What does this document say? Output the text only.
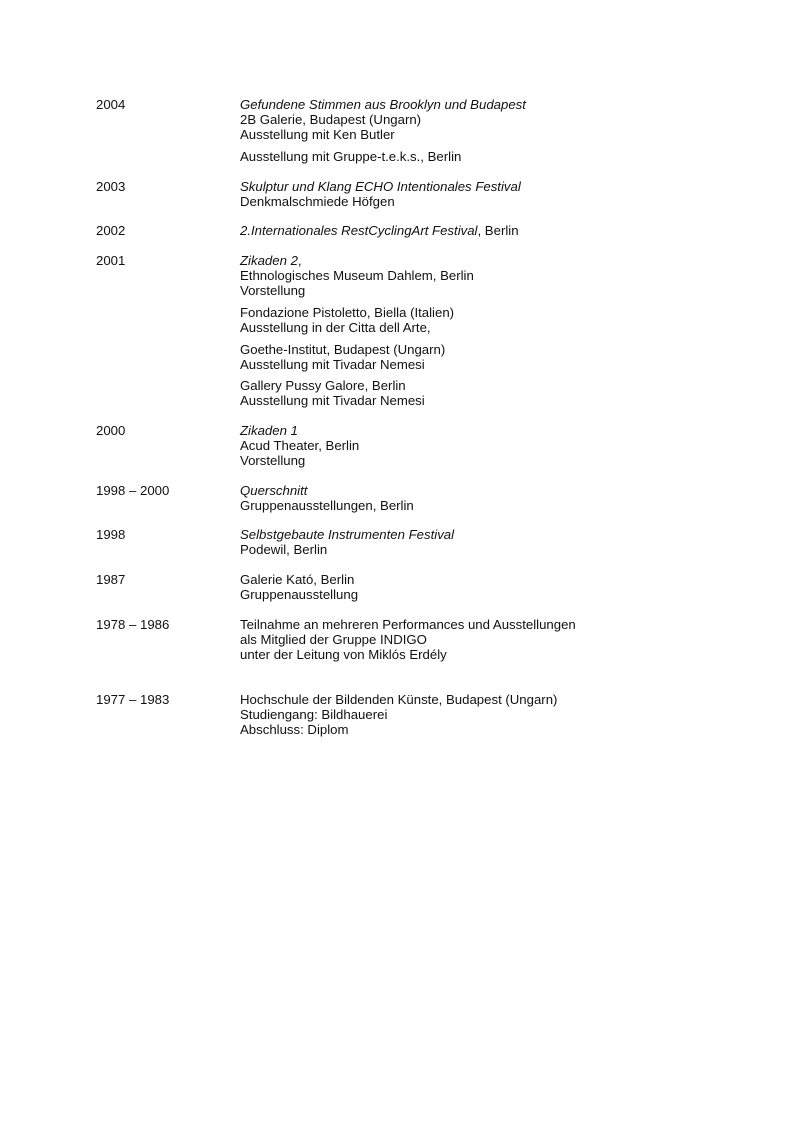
2004	Gefundene Stimmen aus Brooklyn und Budapest
2B Galerie, Budapest (Ungarn)
Ausstellung mit Ken Butler
Ausstellung mit Gruppe-t.e.k.s., Berlin
2003	Skulptur und Klang ECHO Intentionales Festival
Denkmalschmiede Höfgen
2002	2.Internationales RestCyclingArt Festival, Berlin
2001	Zikaden 2,
Ethnologisches Museum Dahlem, Berlin
Vorstellung
Fondazione Pistoletto, Biella (Italien)
Ausstellung in der Citta dell Arte,
Goethe-Institut, Budapest (Ungarn)
Ausstellung mit Tivadar Nemesi
Gallery Pussy Galore, Berlin
Ausstellung mit Tivadar Nemesi
2000	Zikaden 1
Acud Theater, Berlin
Vorstellung
1998 – 2000	Querschnitt
Gruppenausstellungen, Berlin
1998	Selbstgebaute Instrumenten Festival
Podewil, Berlin
1987	Galerie Kató, Berlin
Gruppenausstellung
1978 – 1986	Teilnahme an mehreren Performances und Ausstellungen
als Mitglied der Gruppe INDIGO
unter der Leitung von Miklós Erdély
1977 – 1983	Hochschule der Bildenden Künste, Budapest (Ungarn)
Studiengang: Bildhauerei
Abschluss: Diplom
